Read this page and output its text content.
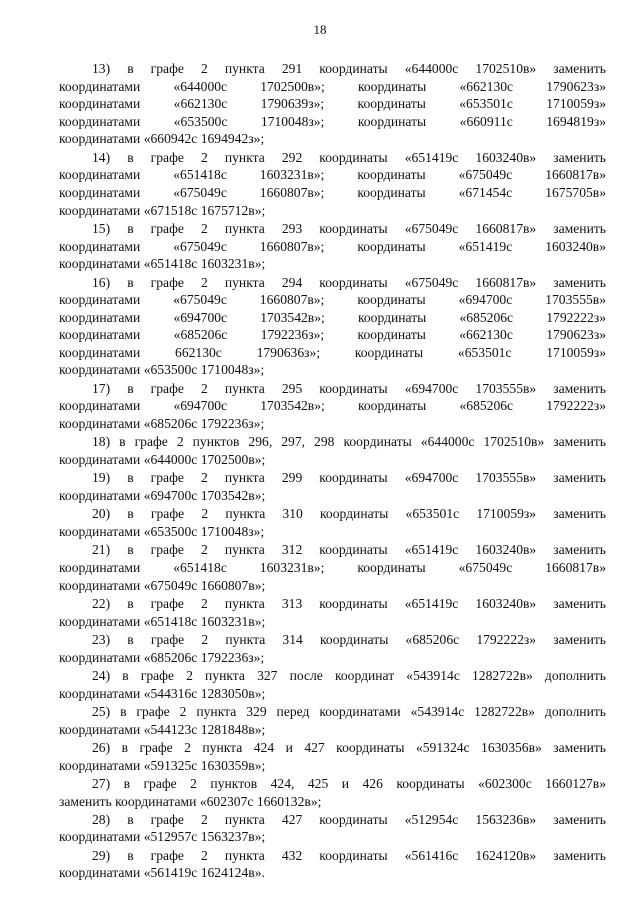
18
13) в графе 2 пункта 291 координаты «644000с 1702510в» заменить
координатами «644000с 1702500в»; координаты «662130с 1790623з»
координатами «662130с 1790639з»; координаты «653501с 1710059з»
координатами «653500с 1710048з»; координаты «660911с 1694819з»
координатами «660942с 1694942з»;
14) в графе 2 пункта 292 координаты «651419с 1603240в» заменить
координатами «651418с 1603231в»; координаты «675049с 1660817в»
координатами «675049с 1660807в»; координаты «671454с 1675705в»
координатами «671518с 1675712в»;
15) в графе 2 пункта 293 координаты «675049с 1660817в» заменить
координатами «675049с 1660807в»; координаты «651419с 1603240в»
координатами «651418с 1603231в»;
16) в графе 2 пункта 294 координаты «675049с 1660817в» заменить
координатами «675049с 1660807в»; координаты «694700с 1703555в»
координатами «694700с 1703542в»; координаты «685206с 1792222з»
координатами «685206с 1792236з»; координаты «662130с 1790623з»
координатами 662130с 1790636з»; координаты «653501с 1710059з»
координатами «653500с 1710048з»;
17) в графе 2 пункта 295 координаты «694700с 1703555в» заменить
координатами «694700с 1703542в»; координаты «685206с 1792222з»
координатами «685206с 1792236з»;
18) в графе 2 пунктов 296, 297, 298 координаты «644000с 1702510в» заменить
координатами «644000с 1702500в»;
19) в графе 2 пункта 299 координаты «694700с 1703555в» заменить
координатами «694700с 1703542в»;
20) в графе 2 пункта 310 координаты «653501с 1710059з» заменить
координатами «653500с 1710048з»;
21) в графе 2 пункта 312 координаты «651419с 1603240в» заменить
координатами «651418с 1603231в»; координаты «675049с 1660817в»
координатами «675049с 1660807в»;
22) в графе 2 пункта 313 координаты «651419с 1603240в» заменить
координатами «651418с 1603231в»;
23) в графе 2 пункта 314 координаты «685206с 1792222з» заменить
координатами «685206с 1792236з»;
24) в графе 2 пункта 327 после координат «543914с 1282722в» дополнить
координатами «544316с 1283050в»;
25) в графе 2 пункта 329 перед координатами «543914с 1282722в» дополнить
координатами «544123с 1281848в»;
26) в графе 2 пункта 424 и 427 координаты «591324с 1630356в» заменить
координатами «591325с 1630359в»;
27) в графе 2 пунктов 424, 425 и 426 координаты «602300с 1660127в»
заменить координатами «602307с 1660132в»;
28) в графе 2 пункта 427 координаты «512954с 1563236в» заменить
координатами «512957с 1563237в»;
29) в графе 2 пункта 432 координаты «561416с 1624120в» заменить
координатами «561419с 1624124в».
